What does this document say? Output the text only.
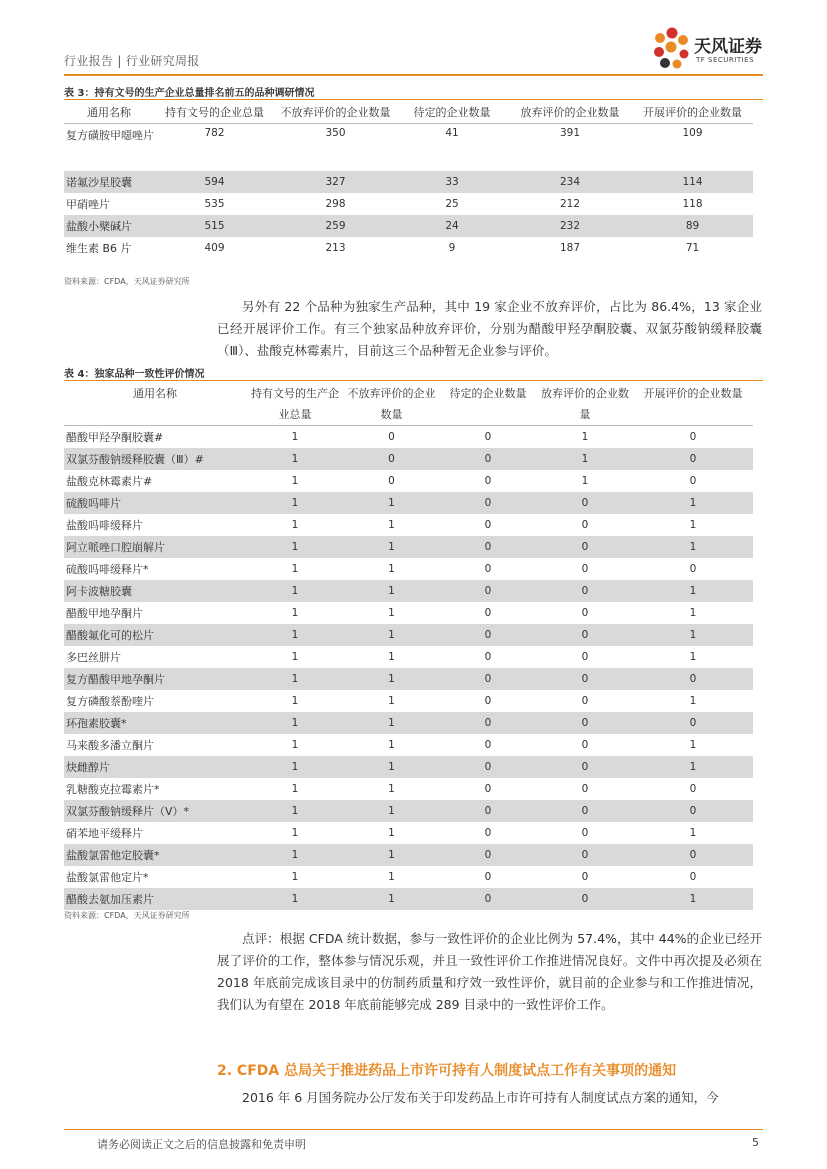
行业报告 | 行业研究周报
天风证券
TF SECURITIES
表 3：持有文号的生产企业总量排名前五的品种调研情况
通用名称	持有文号的企业总量	不放弃评价的企业数量	待定的企业数量	放弃评价的企业数量	开展评价的企业数量
复方磺胺甲噁唑片	782	350	41	391	109
诺氟沙星胶囊	594	327	33	234	114
甲硝唑片	535	298	25	212	118
盐酸小檗碱片	515	259	24	232	89
维生素 B6 片	409	213	9	187	71
资料来源：CFDA，天风证券研究所
另外有 22 个品种为独家生产品种，其中 19 家企业不放弃评价，占比为 86.4%，13 家企业已经开展评价工作。有三个独家品种放弃评价，分别为醋酸甲羟孕酮胶囊、双氯芬酸钠缓释胶囊（Ⅲ）、盐酸克林霉素片，目前这三个品种暂无企业参与评价。
表 4：独家品种一致性评价情况
通用名称	持有文号的生产企业总量	不放弃评价的企业数量	待定的企业数量	放弃评价的企业数量	开展评价的企业数量
醋酸甲羟孕酮胶囊#	1	0	0	1	0
双氯芬酸钠缓释胶囊（Ⅲ）#	1	0	0	1	0
盐酸克林霉素片#	1	0	0	1	0
硫酸吗啡片	1	1	0	0	1
盐酸吗啡缓释片	1	1	0	0	1
阿立哌唑口腔崩解片	1	1	0	0	1
硫酸吗啡缓释片*	1	1	0	0	0
阿卡波糖胶囊	1	1	0	0	1
醋酸甲地孕酮片	1	1	0	0	1
醋酸氟化可的松片	1	1	0	0	1
多巴丝肼片	1	1	0	0	1
复方醋酸甲地孕酮片	1	1	0	0	0
复方磷酸萘酚喹片	1	1	0	0	1
环孢素胶囊*	1	1	0	0	0
马来酸多潘立酮片	1	1	0	0	1
炔雌醇片	1	1	0	0	1
乳糖酸克拉霉素片*	1	1	0	0	0
双氯芬酸钠缓释片（Ⅴ）*	1	1	0	0	0
硝苯地平缓释片	1	1	0	0	1
盐酸氯雷他定胶囊*	1	1	0	0	0
盐酸氯雷他定片*	1	1	0	0	0
醋酸去氨加压素片	1	1	0	0	1
资料来源：CFDA，天风证券研究所
点评：根据 CFDA 统计数据，参与一致性评价的企业比例为 57.4%，其中 44%的企业已经开展了评价的工作，整体参与情况乐观，并且一致性评价工作推进情况良好。文件中再次提及必须在 2018 年底前完成该目录中的仿制药质量和疗效一致性评价，就目前的企业参与和工作推进情况，我们认为有望在 2018 年底前能够完成 289 目录中的一致性评价工作。
2. CFDA 总局关于推进药品上市许可持有人制度试点工作有关事项的通知
2016 年 6 月国务院办公厅发布关于印发药品上市许可持有人制度试点方案的通知，今
请务必阅读正文之后的信息披露和免责申明	5
